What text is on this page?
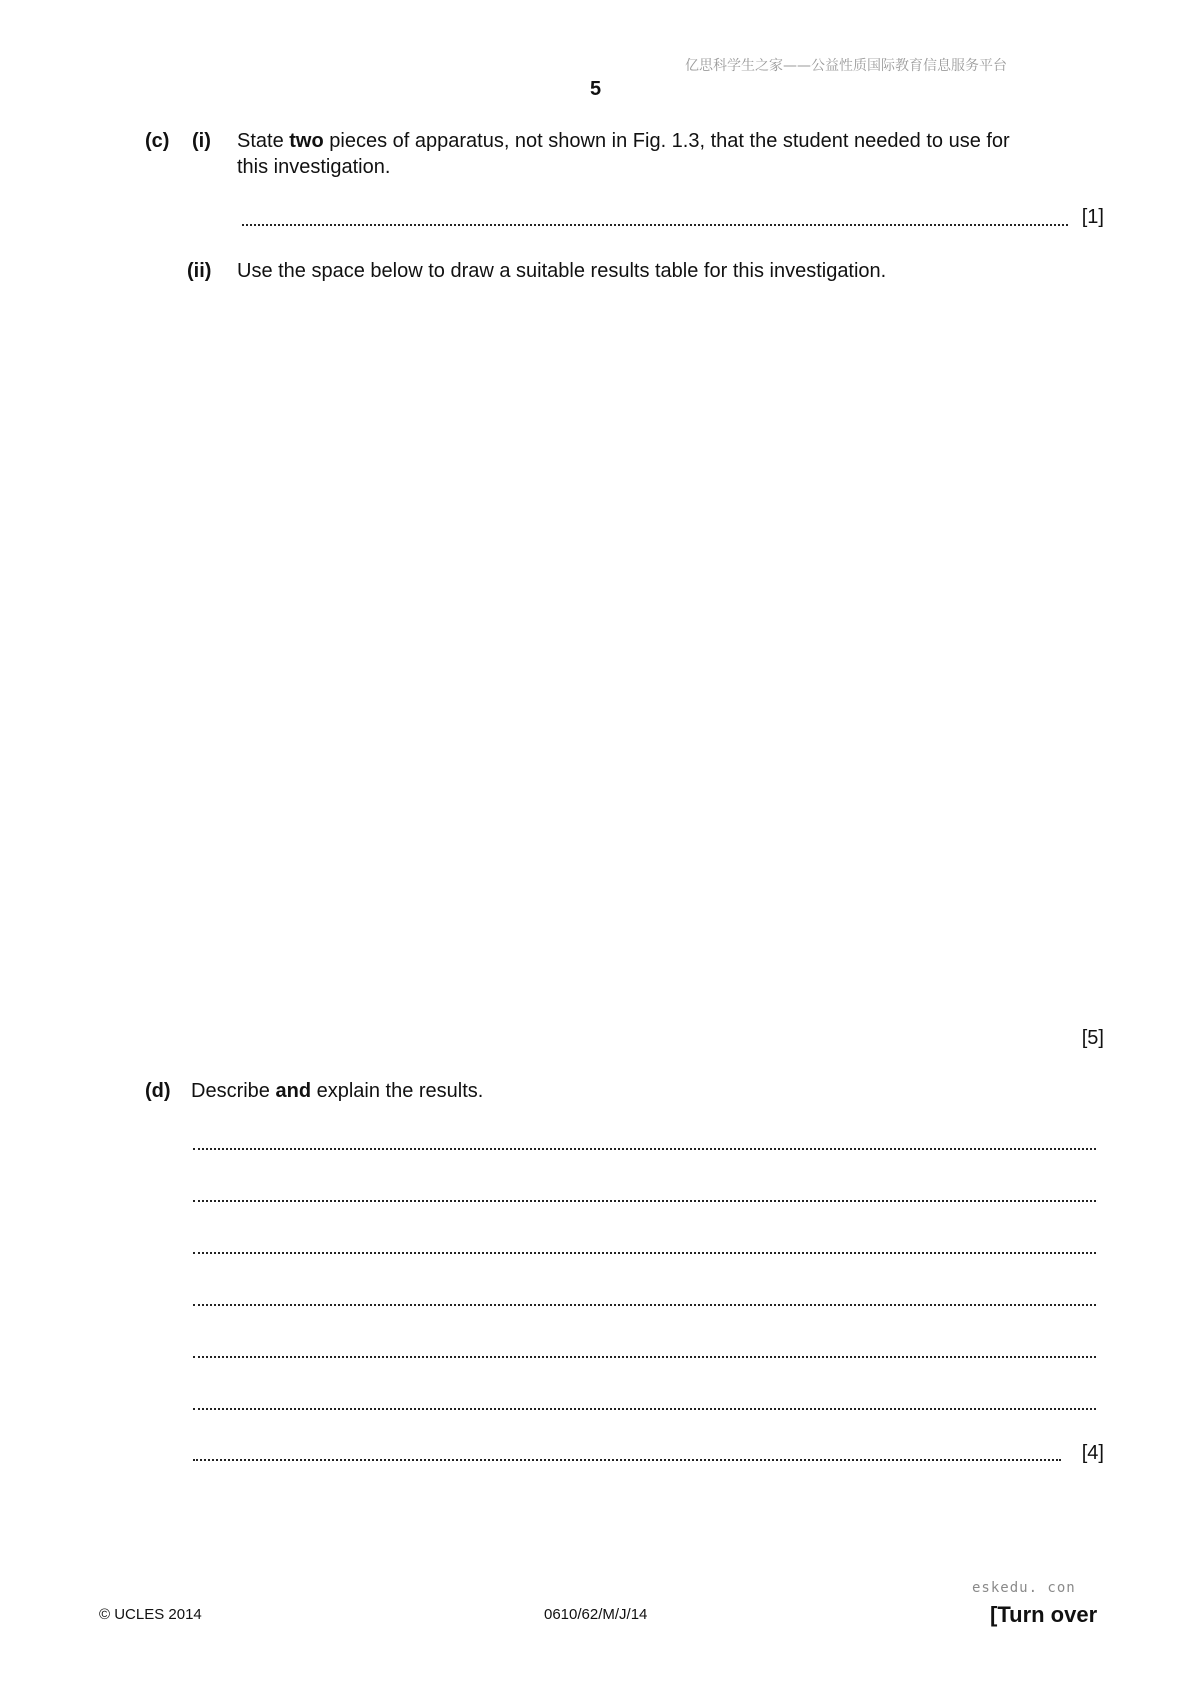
亿思科学生之家——公益性质国际教育信息服务平台
5
(c) (i) State two pieces of apparatus, not shown in Fig. 1.3, that the student needed to use for
this investigation.
[1]
(ii) Use the space below to draw a suitable results table for this investigation.
[5]
(d) Describe and explain the results.
[4]
eskedu. con
© UCLES 2014	0610/62/M/J/14	[Turn over
